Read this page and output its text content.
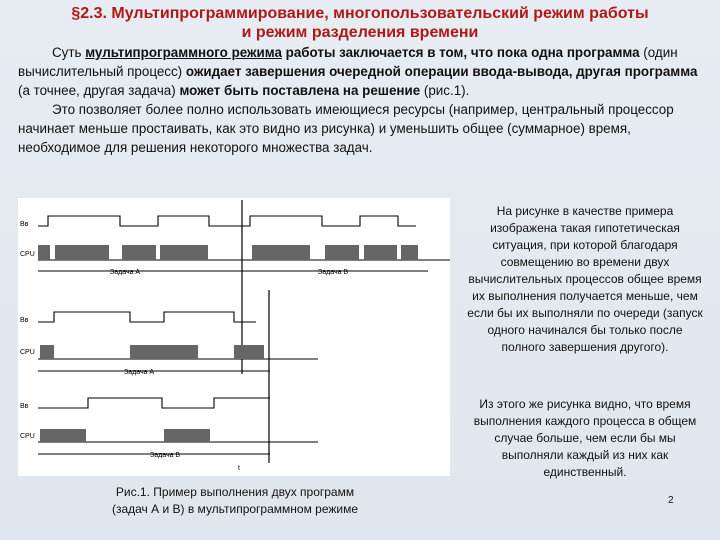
§2.3. Мультипрограммирование, многопользовательский режим работы
и режим разделения времени

Суть мультипрограммного режима работы заключается в том, что пока одна программа (один вычислительный процесс) ожидает завершения очередной операции ввода-вывода, другая программа (а точнее, другая задача) может быть поставлена на решение (рис.1).

Это позволяет более полно использовать имеющиеся ресурсы (например, центральный процессор начинает меньше простаивать, как это видно из рисунка) и уменьшить общее (суммарное) время, необходимое для решения некоторого множества задач.

Вв
CPU
Задача А	Задача В
Вв
CPU
Задача А
Вв
CPU
Задача В
t
Рис.1. Пример выполнения двух программ
(задач А и В) в мультипрограммном режиме
На рисунке в качестве примера изображена такая гипотетическая ситуация, при которой благодаря совмещению во времени двух вычислительных процессов общее время их выполнения получается меньше, чем если бы их выполняли по очереди (запуск одного начинался бы только после полного завершения другого).
Из этого же рисунка видно, что время выполнения каждого процесса в общем случае больше, чем если бы мы выполняли каждый из них как единственный.
2
